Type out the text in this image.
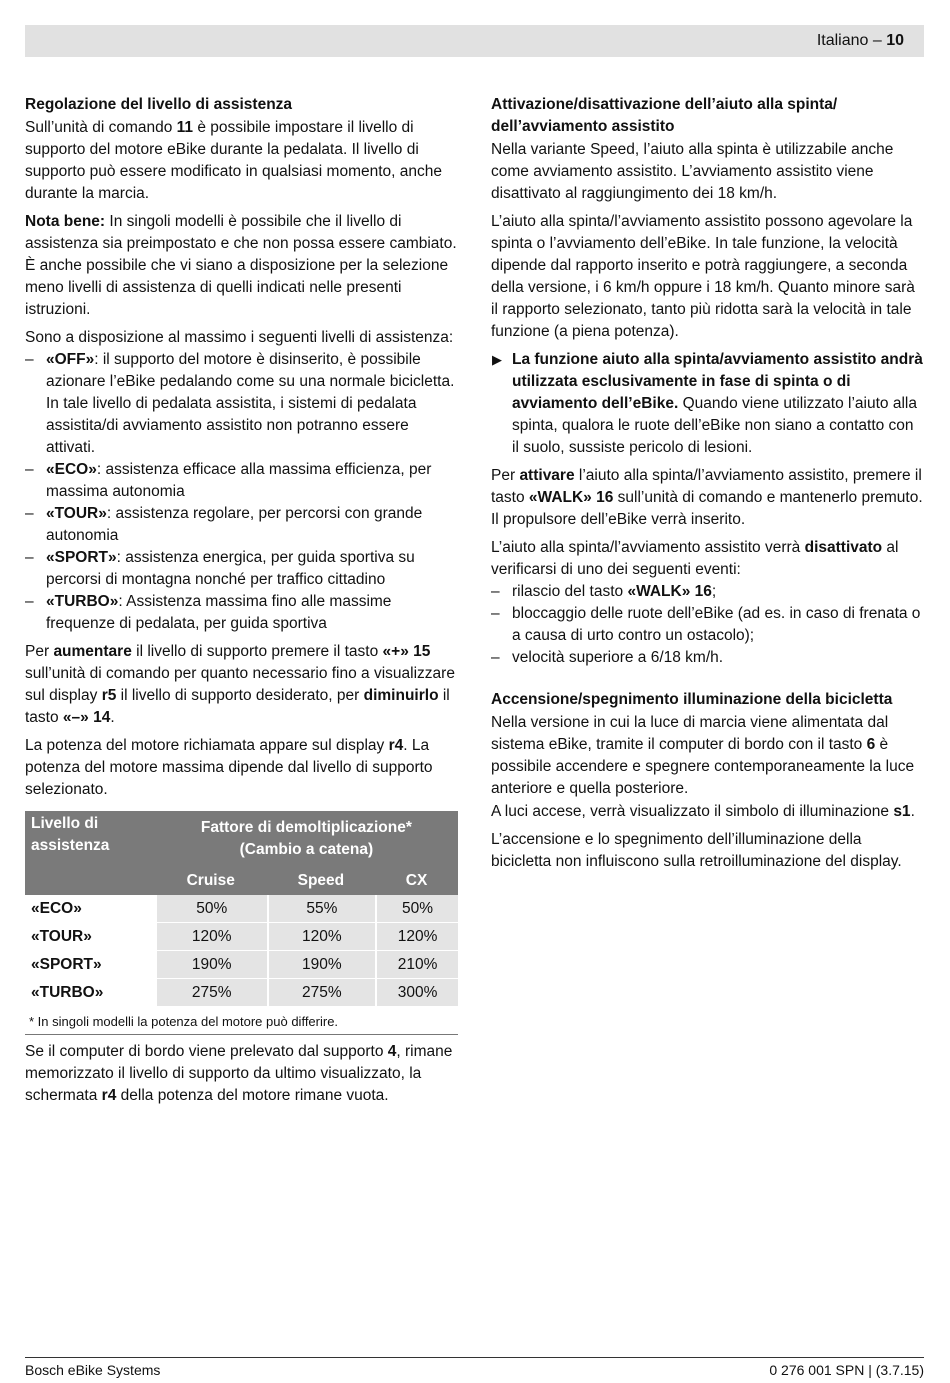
Italiano – 10
Regolazione del livello di assistenza

Sull’unità di comando 11 è possibile impostare il livello di supporto del motore eBike durante la pedalata. Il livello di supporto può essere modificato in qualsiasi momento, anche durante la marcia.

Nota bene: In singoli modelli è possibile che il livello di assistenza sia preimpostato e che non possa essere cambiato. È anche possibile che vi siano a disposizione per la selezione meno livelli di assistenza di quelli indicati nelle presenti istruzioni.

Sono a disposizione al massimo i seguenti livelli di assistenza:

– «OFF»: il supporto del motore è disinserito, è possibile azionare l’eBike pedalando come su una normale bicicletta. In tale livello di pedalata assistita, i sistemi di pedalata assistita/di avviamento assistito non potranno essere attivati.
– «ECO»: assistenza efficace alla massima efficienza, per massima autonomia
– «TOUR»: assistenza regolare, per percorsi con grande autonomia
– «SPORT»: assistenza energica, per guida sportiva su percorsi di montagna nonché per traffico cittadino
– «TURBO»: Assistenza massima fino alle massime frequenze di pedalata, per guida sportiva

Per aumentare il livello di supporto premere il tasto «+» 15 sull’unità di comando per quanto necessario fino a visualizzare sul display r5 il livello di supporto desiderato, per diminuirlo il tasto «–» 14.

La potenza del motore richiamata appare sul display r4. La potenza del motore massima dipende dal livello di supporto selezionato.

Livello di assistenza	Fattore di demoltiplicazione* (Cambio a catena)		
	Cruise	Speed	CX
«ECO»	50%	55%	50%
«TOUR»	120%	120%	120%
«SPORT»	190%	190%	210%
«TURBO»	275%	275%	300%
* In singoli modelli la potenza del motore può differire.

Se il computer di bordo viene prelevato dal supporto 4, rimane memorizzato il livello di supporto da ultimo visualizzato, la schermata r4 della potenza del motore rimane vuota.

Attivazione/disattivazione dell’aiuto alla spinta/ dell’avviamento assistito

Nella variante Speed, l’aiuto alla spinta è utilizzabile anche come avviamento assistito. L’avviamento assistito viene disattivato al raggiungimento dei 18 km/h.

L’aiuto alla spinta/l’avviamento assistito possono agevolare la spinta o l’avviamento dell’eBike. In tale funzione, la velocità dipende dal rapporto inserito e potrà raggiungere, a seconda della versione, i 6 km/h oppure i 18 km/h. Quanto minore sarà il rapporto selezionato, tanto più ridotta sarà la velocità in tale funzione (a piena potenza).

▶ La funzione aiuto alla spinta/avviamento assistito andrà utilizzata esclusivamente in fase di spinta o di avviamento dell’eBike. Quando viene utilizzato l’aiuto alla spinta, qualora le ruote dell’eBike non siano a contatto con il suolo, sussiste pericolo di lesioni.

Per attivare l’aiuto alla spinta/l’avviamento assistito, premere il tasto «WALK» 16 sull’unità di comando e mantenerlo premuto. Il propulsore dell’eBike verrà inserito.

L’aiuto alla spinta/l’avviamento assistito verrà disattivato al verificarsi di uno dei seguenti eventi:

– rilascio del tasto «WALK» 16;
– bloccaggio delle ruote dell’eBike (ad es. in caso di frenata o a causa di urto contro un ostacolo);
– velocità superiore a 6/18 km/h.
Accensione/spegnimento illuminazione della bicicletta

Nella versione in cui la luce di marcia viene alimentata dal sistema eBike, tramite il computer di bordo con il tasto 6 è possibile accendere e spegnere contemporaneamente la luce anteriore e quella posteriore.

A luci accese, verrà visualizzato il simbolo di illuminazione s1.

L’accensione e lo spegnimento dell’illuminazione della bicicletta non influiscono sulla retroilluminazione del display.

Bosch eBike Systems	0 276 001 SPN | (3.7.15)
